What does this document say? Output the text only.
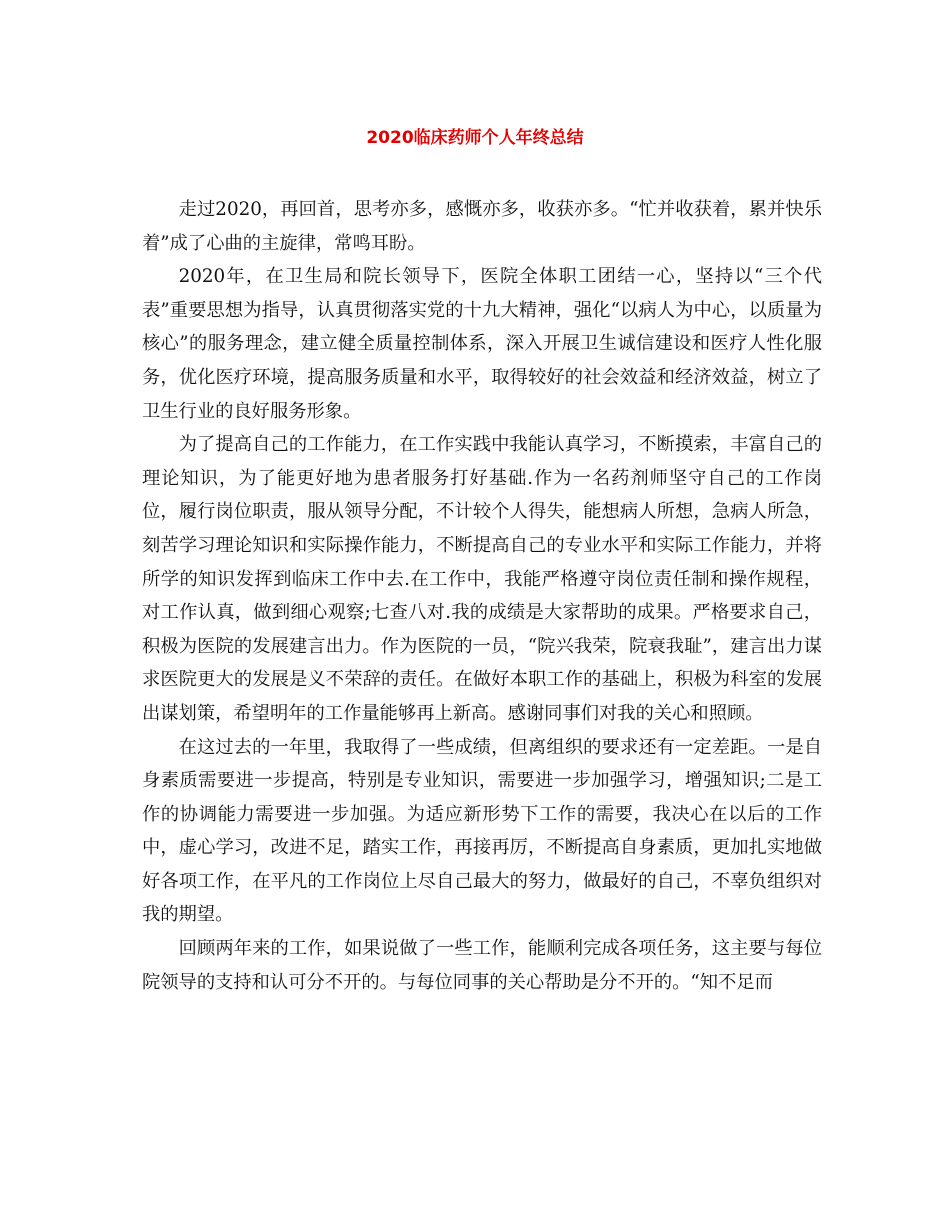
2020临床药师个人年终总结

走过2020，再回首，思考亦多，感慨亦多，收获亦多。“忙并收获着，累并快乐着”成了心曲的主旋律，常鸣耳盼。

2020年，在卫生局和院长领导下，医院全体职工团结一心，坚持以“三个代表”重要思想为指导，认真贯彻落实党的十九大精神，强化“以病人为中心，以质量为核心”的服务理念，建立健全质量控制体系，深入开展卫生诚信建设和医疗人性化服务，优化医疗环境，提高服务质量和水平，取得较好的社会效益和经济效益，树立了卫生行业的良好服务形象。

为了提高自己的工作能力，在工作实践中我能认真学习，不断摸索，丰富自己的理论知识，为了能更好地为患者服务打好基础.作为一名药剂师坚守自己的工作岗位，履行岗位职责，服从领导分配，不计较个人得失，能想病人所想，急病人所急，刻苦学习理论知识和实际操作能力，不断提高自己的专业水平和实际工作能力，并将所学的知识发挥到临床工作中去.在工作中，我能严格遵守岗位责任制和操作规程，对工作认真，做到细心观察;七查八对.我的成绩是大家帮助的成果。严格要求自己，积极为医院的发展建言出力。作为医院的一员，“院兴我荣，院衰我耻”，建言出力谋求医院更大的发展是义不荣辞的责任。在做好本职工作的基础上，积极为科室的发展出谋划策，希望明年的工作量能够再上新高。感谢同事们对我的关心和照顾。

在这过去的一年里，我取得了一些成绩，但离组织的要求还有一定差距。一是自身素质需要进一步提高，特别是专业知识，需要进一步加强学习，增强知识;二是工作的协调能力需要进一步加强。为适应新形势下工作的需要，我决心在以后的工作中，虚心学习，改进不足，踏实工作，再接再厉，不断提高自身素质，更加扎实地做好各项工作，在平凡的工作岗位上尽自己最大的努力，做最好的自己，不辜负组织对我的期望。

回顾两年来的工作，如果说做了一些工作，能顺利完成各项任务，这主要与每位院领导的支持和认可分不开的。与每位同事的关心帮助是分不开的。“知不足而
